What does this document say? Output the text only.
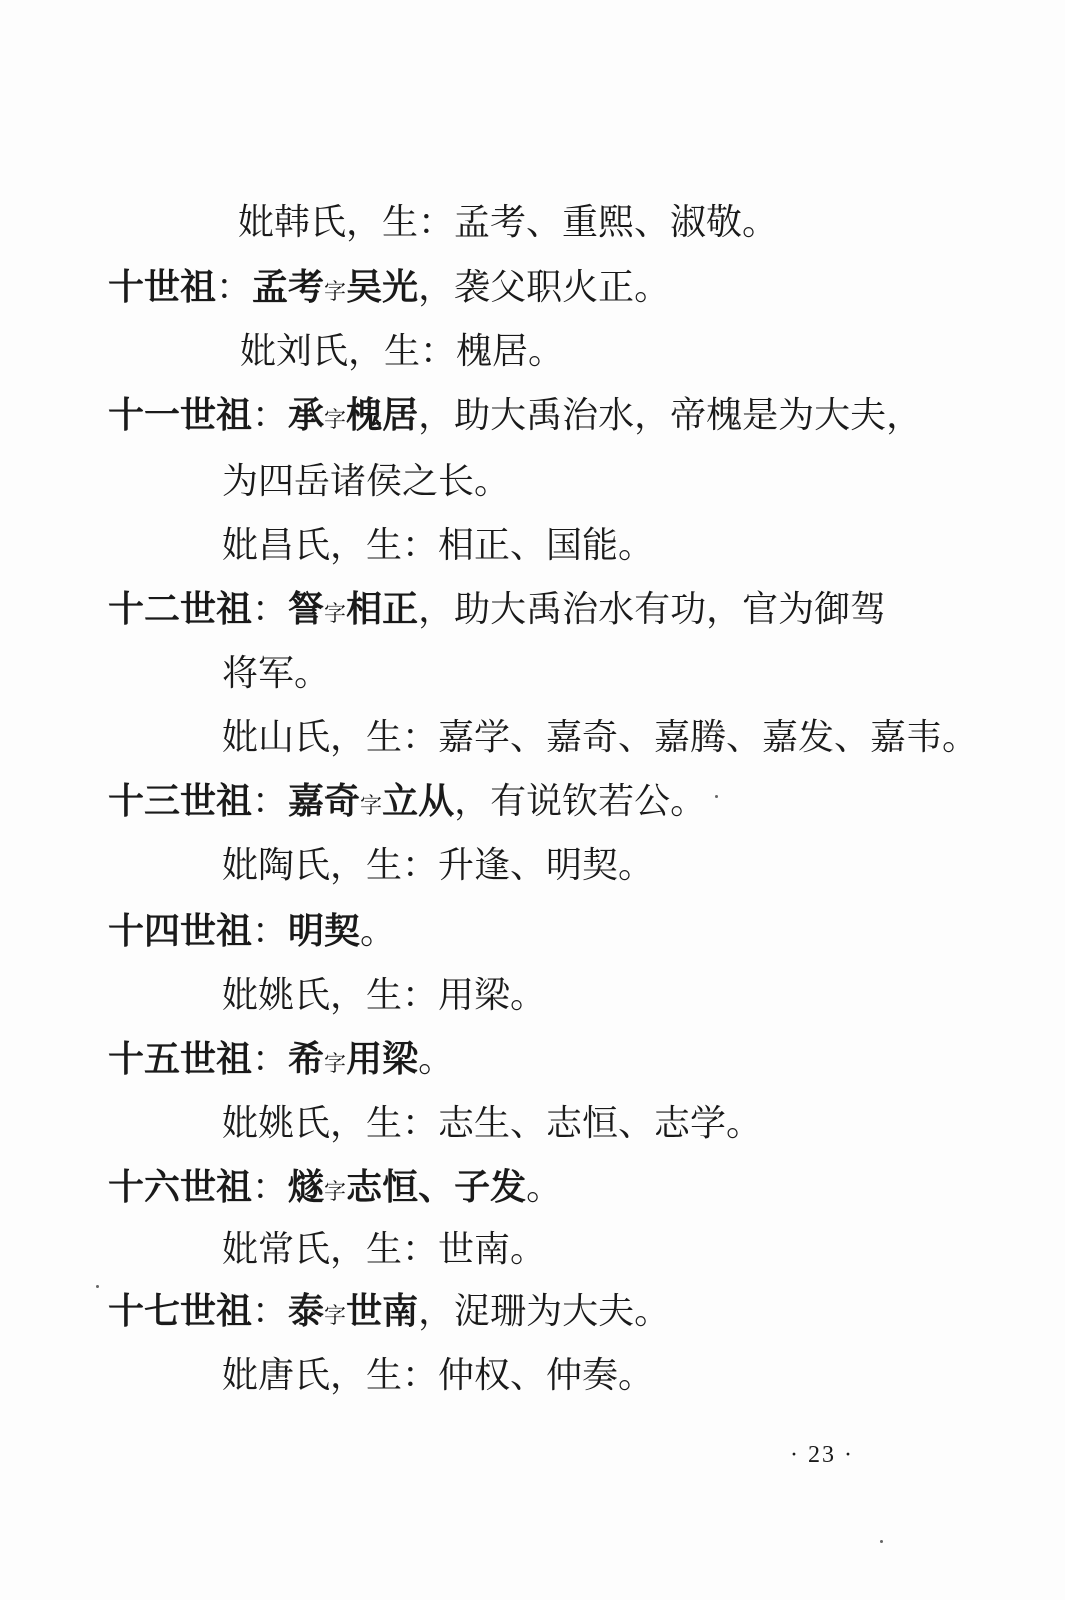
妣韩氏，生：孟考、重熙、淑敬。
十世祖：孟考字吴光，袭父职火正。
妣刘氏，生：槐居。
十一世祖：承字槐居，助大禹治水，帝槐是为大夫，
为四岳诸侯之长。
妣昌氏，生：相正、国能。
十二世祖：詧字相正，助大禹治水有功，官为御驾
将军。
妣山氏，生：嘉学、嘉奇、嘉腾、嘉发、嘉韦。
十三世祖：嘉奇字立从，有说钦若公。
妣陶氏，生：升逢、明契。
十四世祖：明契。
妣姚氏，生：用梁。
十五世祖：希字用梁。
妣姚氏，生：志生、志恒、志学。
十六世祖：燧字志恒、子发。
妣常氏，生：世南。
十七世祖：泰字世南，浞珊为大夫。
妣唐氏，生：仲权、仲奏。
· 23 ·
